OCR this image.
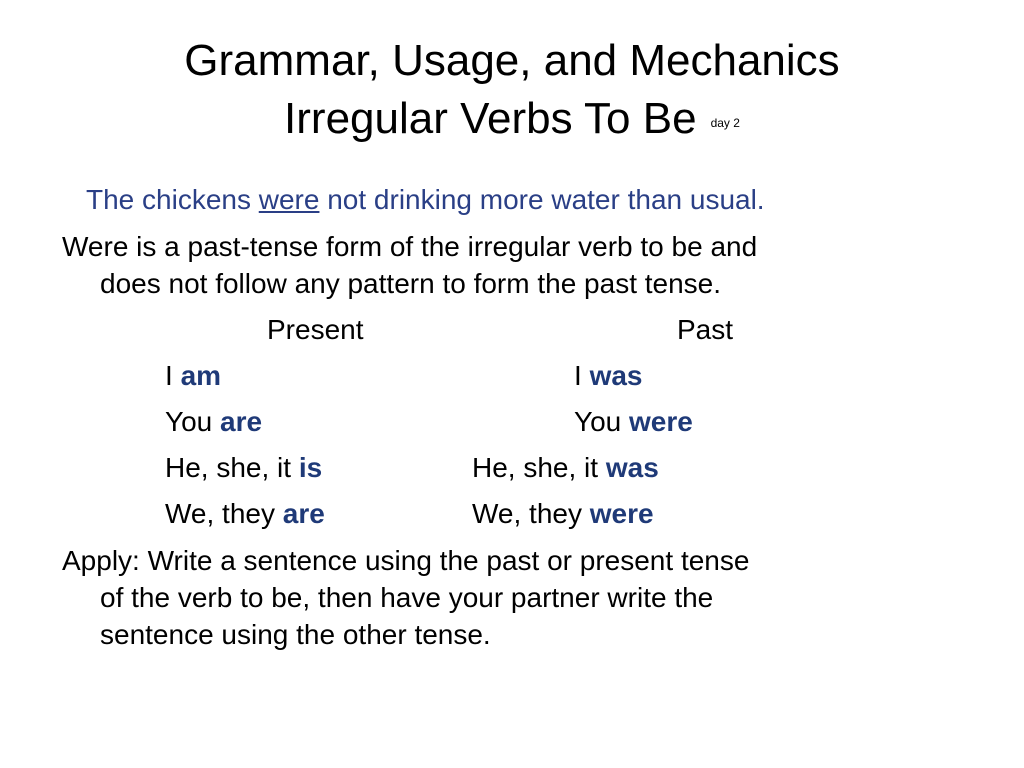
Grammar, Usage, and Mechanics
Irregular Verbs To Be day 2
The chickens were not drinking more water than usual.
Were is a past-tense form of the irregular verb to be and
does not follow any pattern to form the past tense.
Present	Past
I am	I was
You are	You were
He, she, it is	He, she, it was
We, they are	We, they were
Apply: Write a sentence using the past or present tense
of the verb to be, then have your partner write the
sentence using the other tense.
